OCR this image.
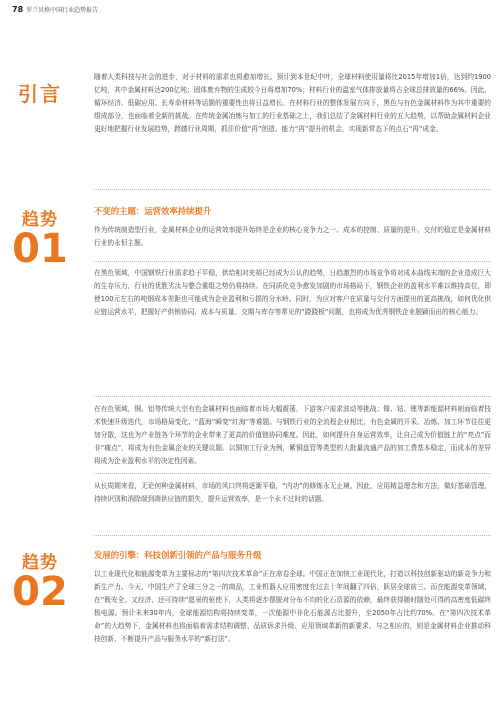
78 罗兰贝格中国行业趋势报告
引言

随着人类科技与社会的进步，对于材料的需求也将愈加增长。预计到本世纪中叶，全球材料使用量将比2015年增加1倍，达到约1900亿吨，其中金属材料达200亿吨；固体废弃物的生成较今日将增加70%；材料行业的温室气体排放量将占全球总排放量的66%。因此，循环经济、低碳应用、长寿命材料等话题的重要性也将日益增长。在材料行业的整体发展方向下，黑色与有色金属材料作为其中重要的组成部分，也面临着全新的挑战。在传统金属冶炼与加工的行业基础之上，我们总结了金属材料行业的五大趋势，以帮助金属材料企业更好地把握行业发展趋势，跨越行业周期，抓住价值“再”创造、能力“再”提升的机会，实现新常态下的点石“再”成金。

趋势
01
不变的主题：运营效率持续提升

作为传统制造型行业，金属材料企业的运营效率提升始终是企业的核心竞争力之一。成本的控制、质量的提升、交付的稳定是金属材料行业的永恒主题。

在黑色领域，中国钢铁行业需求趋于平稳，供给相对充裕已经成为公认的趋势，日趋激烈的市场竞争将对成本曲线末端的企业造成巨大的生存压力，行业的优胜劣汰与整合重组之势仍将持续。在同质化竞争愈发加剧的市场格局下，钢铁企业的盈利水平难以维持高位，即使100元左右的吨钢成本差距也可能成为企业盈利和亏损的分水岭。同时，为应对客户在质量与交付方面提出的更高挑战，如何优化供应链运营水平，把握好产供销协同、成本与质量、交期与库存等常见的“跷跷板”问题，也将成为优秀钢铁企业脱颖而出的核心能力。

在有色领域，铜、铝等传统大宗有色金属材料也面临着市场大幅震荡，下游客户需求波动等挑战；镍、钴、锂等新能源材料则面临着技术快速升级迭代，市场格局变化、“蓝海”瞬变“红海”等难题。与钢铁行业的全流程企业相比，有色金属的开采、冶炼、加工环节往往更加分散，这也为产业链各个环节的企业带来了更高的价值链协同难度。因此，如何提升自身运营效率，让自己成为价值链上的“亮点”而非“痛点”，将成为有色金属企业的关键议题。以铜加工行业为例，紫铜盘管等类型的大批量流通产品的加工费基本稳定，而成本的差异将成为企业盈利水平的决定性因素。

从长周期来看，无论何种金属材料，市场的风口终将逐渐平稳，“内功”的修炼永无止境。因此，应用精益理念和方法，做好基础管理，持续识别和消除端到端供应链的损失，提升运营效率，是一个永不过时的话题。

趋势
02
发展的引擎：科技创新引领的产品与服务升级

以工业现代化和能源变革为主要标志的“第四次技术革命”正在席卷全球。中国正在加快工业现代化，打造以科技创新驱动的新竞争力和新生产力。今天，中国生产了全球三分之一的商品，工业机器人应用密度在过去十年间翻了四倍，跃居全球前三。而在能源变革领域，在“既安全、又经济、还可持续”愿景的驱使下，人类将逐步摆脱对分布不均的化石资源的依赖，最终获得随时随处可得的高密度低碳终极电源。预计未来30年内，全球能源结构将持续变革，一次能源中非化石能源占比提升，至2050年占比约70%。在“第四次技术革命”的大趋势下，金属材料也将面临着需求结构调整、品质诉求升级、应用领域革新的新要求。与之相应的，则是金属材料企业推动科技创新，不断提升产品与服务水平的“新打法”。
